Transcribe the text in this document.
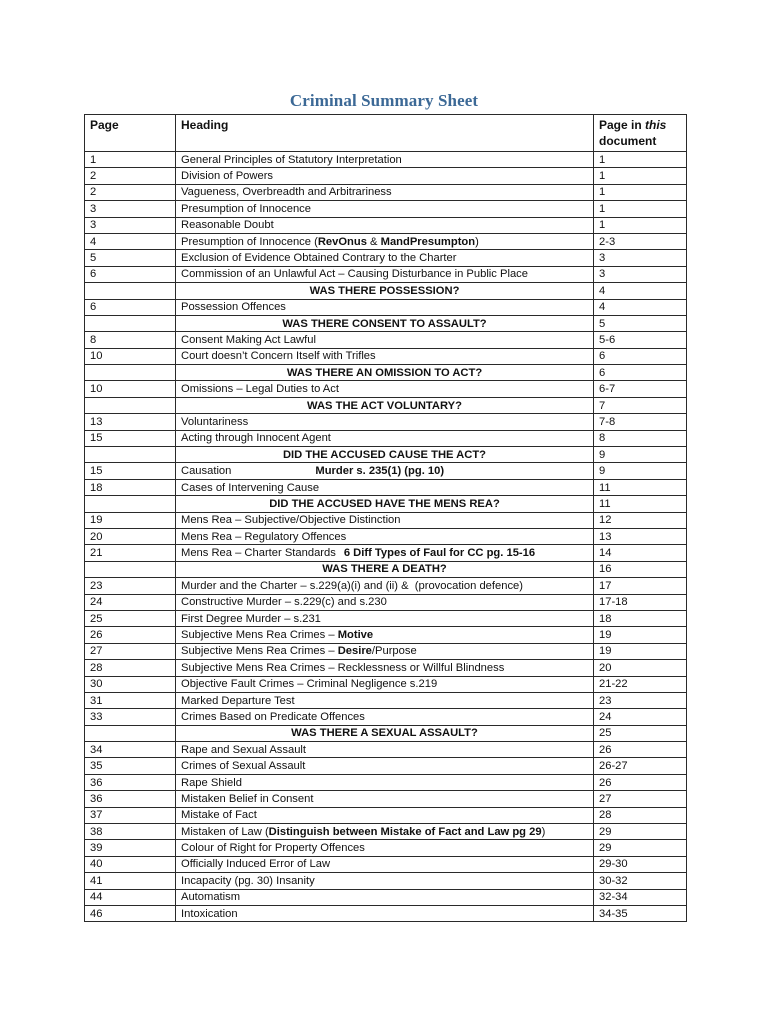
Criminal Summary Sheet
Page	Heading	Page in this
document
1	General Principles of Statutory Interpretation	1
2	Division of Powers	1
2	Vagueness, Overbreadth and Arbitrariness	1
3	Presumption of Innocence	1
3	Reasonable Doubt	1
4	Presumption of Innocence (RevOnus & MandPresumpton)	2-3
5	Exclusion of Evidence Obtained Contrary to the Charter	3
6	Commission of an Unlawful Act – Causing Disturbance in Public Place	3
	WAS THERE POSSESSION?	4
6	Possession Offences	4
	WAS THERE CONSENT TO ASSAULT?	5
8	Consent Making Act Lawful	5-6
10	Court doesn’t Concern Itself with Trifles	6
	WAS THERE AN OMISSION TO ACT?	6
10	Omissions – Legal Duties to Act	6-7
	WAS THE ACT VOLUNTARY?	7
13	Voluntariness	7-8
15	Acting through Innocent Agent	8
	DID THE ACCUSED CAUSE THE ACT?	9
15	Causation Murder s. 235(1) (pg. 10)	9
18	Cases of Intervening Cause	11
	DID THE ACCUSED HAVE THE MENS REA?	11
19	Mens Rea – Subjective/Objective Distinction	12
20	Mens Rea – Regulatory Offences	13
21	Mens Rea – Charter Standards 6 Diff Types of Faul for CC pg. 15-16	14
	WAS THERE A DEATH?	16
23	Murder and the Charter – s.229(a)(i) and (ii) &  (provocation defence)	17
24	Constructive Murder – s.229(c) and s.230	17-18
25	First Degree Murder – s.231	18
26	Subjective Mens Rea Crimes – Motive	19
27	Subjective Mens Rea Crimes – Desire/Purpose	19
28	Subjective Mens Rea Crimes – Recklessness or Willful Blindness	20
30	Objective Fault Crimes – Criminal Negligence s.219	21-22
31	Marked Departure Test	23
33	Crimes Based on Predicate Offences	24
	WAS THERE A SEXUAL ASSAULT?	25
34	Rape and Sexual Assault	26
35	Crimes of Sexual Assault	26-27
36	Rape Shield	26
36	Mistaken Belief in Consent	27
37	Mistake of Fact	28
38	Mistaken of Law (Distinguish between Mistake of Fact and Law pg 29)	29
39	Colour of Right for Property Offences	29
40	Officially Induced Error of Law	29-30
41	Incapacity (pg. 30) Insanity	30-32
44	Automatism	32-34
46	Intoxication	34-35
